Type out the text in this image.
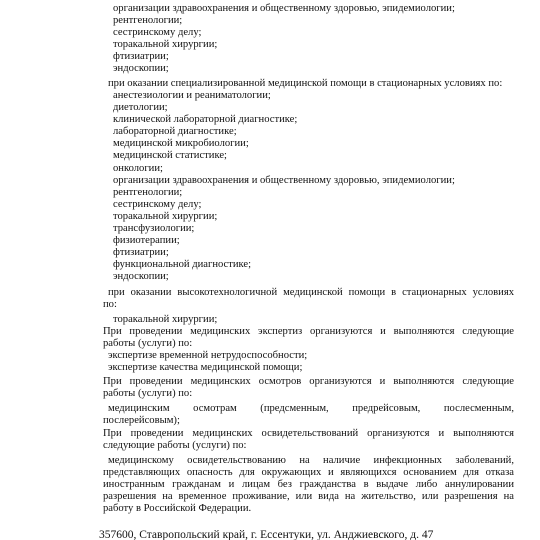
организации здравоохранения и общественному здоровью, эпидемиологии;
рентгенологии;
сестринскому делу;
торакальной хирургии;
фтизиатрии;
эндоскопии;
при оказании специализированной медицинской помощи в стационарных условиях по:
анестезиологии и реаниматологии;
диетологии;
клинической лабораторной диагностике;
лабораторной диагностике;
медицинской микробиологии;
медицинской статистике;
онкологии;
организации здравоохранения и общественному здоровью, эпидемиологии;
рентгенологии;
сестринскому делу;
торакальной хирургии;
трансфузиологии;
физиотерапии;
фтизиатрии;
функциональной диагностике;
эндоскопии;
при оказании высокотехнологичной медицинской помощи в стационарных условиях
по:
торакальной хирургии;
При проведении медицинских экспертиз организуются и выполняются следующие
работы (услуги) по:
экспертизе временной нетрудоспособности;
экспертизе качества медицинской помощи;
При проведении медицинских осмотров организуются и выполняются следующие
работы (услуги) по:
медицинским осмотрам (предсменным, предрейсовым, послесменным,
послерейсовым);
При проведении медицинских освидетельствований организуются и выполняются
следующие работы (услуги) по:
медицинскому освидетельствованию на наличие инфекционных заболеваний,
представляющих опасность для окружающих и являющихся основанием для отказа
иностранным гражданам и лицам без гражданства в выдаче либо аннулировании
разрешения на временное проживание, или вида на жительство, или разрешения на
работу в Российской Федерации.
357600, Ставропольский край, г. Ессентуки, ул. Анджиевского, д. 47
